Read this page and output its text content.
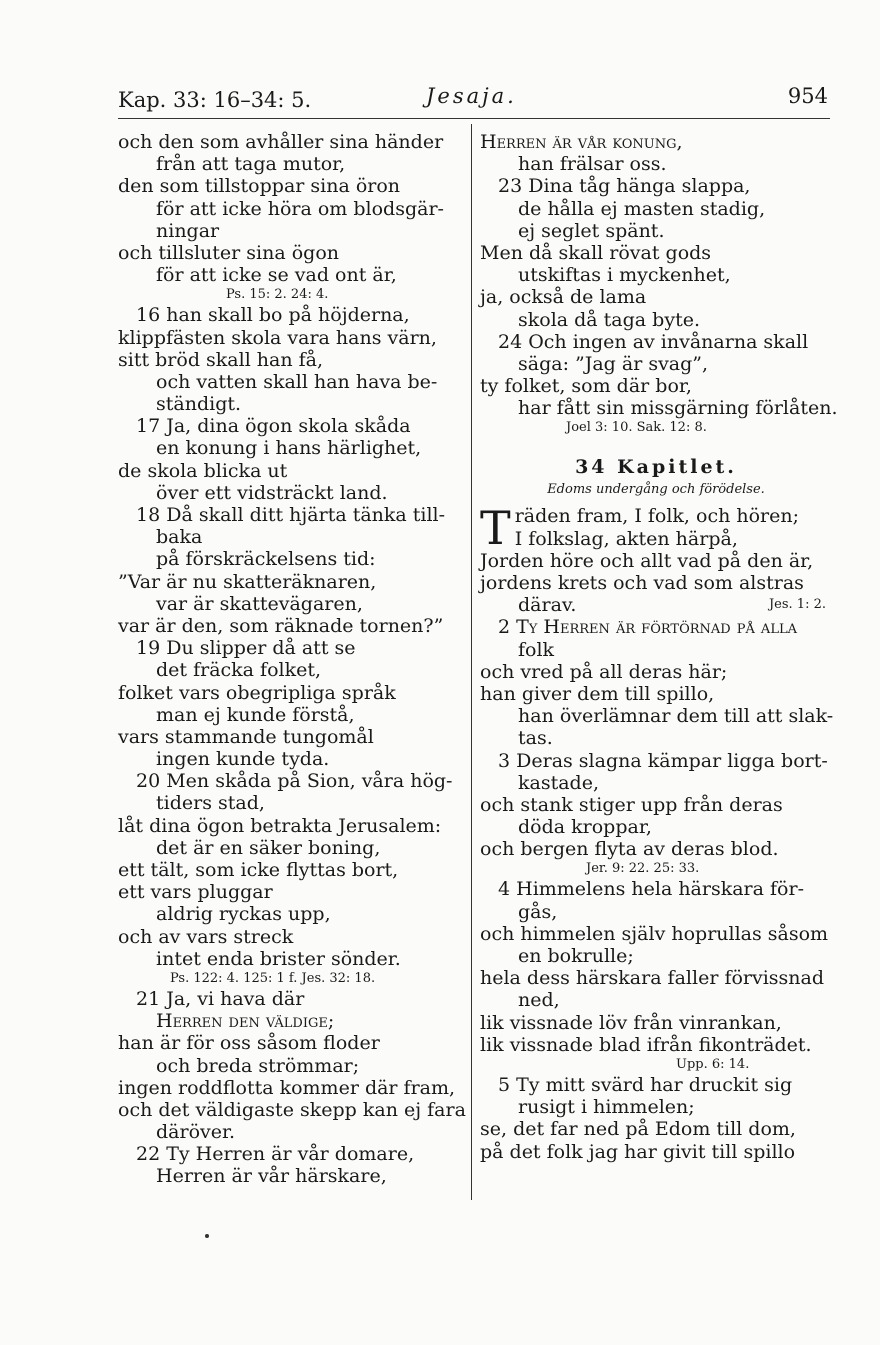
Kap. 33: 16–34: 5.	Jesaja.	954
och den som avhåller sina händer
från att taga mutor,
den som tillstoppar sina öron
för att icke höra om blodsgär-
ningar
och tillsluter sina ögon
för att icke se vad ont är,
Ps. 15: 2. 24: 4.
16 han skall bo på höjderna,
klippfästen skola vara hans värn,
sitt bröd skall han få,
och vatten skall han hava be-
ständigt.
17 Ja, dina ögon skola skåda
en konung i hans härlighet,
de skola blicka ut
över ett vidsträckt land.
18 Då skall ditt hjärta tänka till-
baka
på förskräckelsens tid:
”Var är nu skatteräknaren,
var är skattevägaren,
var är den, som räknade tornen?”
19 Du slipper då att se
det fräcka folket,
folket vars obegripliga språk
man ej kunde förstå,
vars stammande tungomål
ingen kunde tyda.
20 Men skåda på Sion, våra hög-
tiders stad,
låt dina ögon betrakta Jerusalem:
det är en säker boning,
ett tält, som icke flyttas bort,
ett vars pluggar
aldrig ryckas upp,
och av vars streck
intet enda brister sönder.
Ps. 122: 4. 125: 1 f. Jes. 32: 18.
21 Ja, vi hava där
Herren den väldige;
han är för oss såsom floder
och breda strömmar;
ingen roddflotta kommer där fram,
och det väldigaste skepp kan ej fara
däröver.
22 Ty Herren är vår domare,
Herren är vår härskare,
Herren är vår konung,
han frälsar oss.
23 Dina tåg hänga slappa,
de hålla ej masten stadig,
ej seglet spänt.
Men då skall rövat gods
utskiftas i myckenhet,
ja, också de lama
skola då taga byte.
24 Och ingen av invånarna skall
säga: ”Jag är svag”,
ty folket, som där bor,
har fått sin missgärning förlåten.
Joel 3: 10. Sak. 12: 8.
34 Kapitlet.
Edoms undergång och förödelse.
T räden fram, I folk, och hören;
I folkslag, akten härpå,
Jorden höre och allt vad på den är,
jordens krets och vad som alstras
därav.	Jes. 1: 2.
2 Ty Herren är förtörnad på alla
folk
och vred på all deras här;
han giver dem till spillo,
han överlämnar dem till att slak-
tas.
3 Deras slagna kämpar ligga bort-
kastade,
och stank stiger upp från deras
döda kroppar,
och bergen flyta av deras blod.
Jer. 9: 22. 25: 33.
4 Himmelens hela härskara för-
gås,
och himmelen själv hoprullas såsom
en bokrulle;
hela dess härskara faller förvissnad
ned,
lik vissnade löv från vinrankan,
lik vissnade blad ifrån fikonträdet.
Upp. 6: 14.
5 Ty mitt svärd har druckit sig
rusigt i himmelen;
se, det far ned på Edom till dom,
på det folk jag har givit till spillo
